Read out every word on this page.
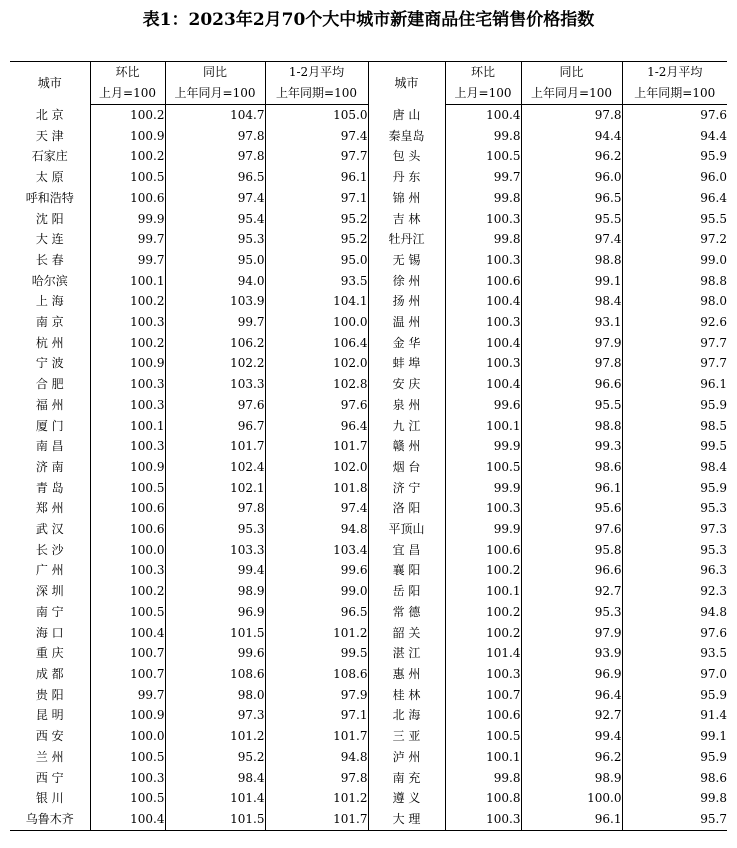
表1：2023年2月70个大中城市新建商品住宅销售价格指数
城市	环比	同比	1-2月平均	城市	环比	同比	1-2月平均
	上月=100	上年同月=100	上年同期=100		上月=100	上年同月=100	上年同期=100
北 京	100.2	104.7	105.0	唐 山	100.4	97.8	97.6
天 津	100.9	97.8	97.4	秦皇岛	99.8	94.4	94.4
石家庄	100.2	97.8	97.7	包 头	100.5	96.2	95.9
太 原	100.5	96.5	96.1	丹 东	99.7	96.0	96.0
呼和浩特	100.6	97.4	97.1	锦 州	99.8	96.5	96.4
沈 阳	99.9	95.4	95.2	吉 林	100.3	95.5	95.5
大 连	99.7	95.3	95.2	牡丹江	99.8	97.4	97.2
长 春	99.7	95.0	95.0	无 锡	100.3	98.8	99.0
哈尔滨	100.1	94.0	93.5	徐 州	100.6	99.1	98.8
上 海	100.2	103.9	104.1	扬 州	100.4	98.4	98.0
南 京	100.3	99.7	100.0	温 州	100.3	93.1	92.6
杭 州	100.2	106.2	106.4	金 华	100.4	97.9	97.7
宁 波	100.9	102.2	102.0	蚌 埠	100.3	97.8	97.7
合 肥	100.3	103.3	102.8	安 庆	100.4	96.6	96.1
福 州	100.3	97.6	97.6	泉 州	99.6	95.5	95.9
厦 门	100.1	96.7	96.4	九 江	100.1	98.8	98.5
南 昌	100.3	101.7	101.7	赣 州	99.9	99.3	99.5
济 南	100.9	102.4	102.0	烟 台	100.5	98.6	98.4
青 岛	100.5	102.1	101.8	济 宁	99.9	96.1	95.9
郑 州	100.6	97.8	97.4	洛 阳	100.3	95.6	95.3
武 汉	100.6	95.3	94.8	平顶山	99.9	97.6	97.3
长 沙	100.0	103.3	103.4	宜 昌	100.6	95.8	95.3
广 州	100.3	99.4	99.6	襄 阳	100.2	96.6	96.3
深 圳	100.2	98.9	99.0	岳 阳	100.1	92.7	92.3
南 宁	100.5	96.9	96.5	常 德	100.2	95.3	94.8
海 口	100.4	101.5	101.2	韶 关	100.2	97.9	97.6
重 庆	100.7	99.6	99.5	湛 江	101.4	93.9	93.5
成 都	100.7	108.6	108.6	惠 州	100.3	96.9	97.0
贵 阳	99.7	98.0	97.9	桂 林	100.7	96.4	95.9
昆 明	100.9	97.3	97.1	北 海	100.6	92.7	91.4
西 安	100.0	101.2	101.7	三 亚	100.5	99.4	99.1
兰 州	100.5	95.2	94.8	泸 州	100.1	96.2	95.9
西 宁	100.3	98.4	97.8	南 充	99.8	98.9	98.6
银 川	100.5	101.4	101.2	遵 义	100.8	100.0	99.8
乌鲁木齐	100.4	101.5	101.7	大 理	100.3	96.1	95.7
